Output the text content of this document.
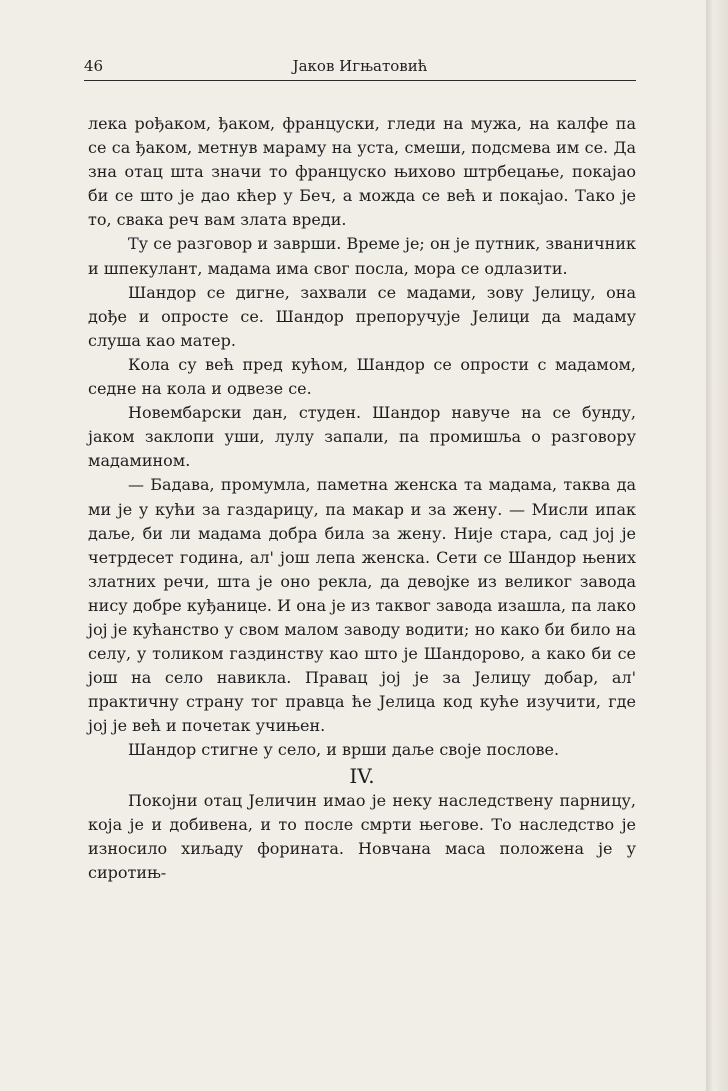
46	Јаков Игњатовић

лека рођаком, ђаком, француски, гледи на мужа, на калфе па се са ђаком, метнув мараму на уста, смеши, подсмева им се. Да зна отац шта значи то француско њихово штрбецање, покајао би се што је дао кћер у Беч, а можда се већ и покајао. Тако је то, свака реч вам злата вреди.

Ту се разговор и заврши. Време је; он је путник, званичник и шпекулант, мадама има свог посла, мора се одлазити.

Шандор се дигне, захвали се мадами, зову Јелицу, она дође и опросте се. Шандор препоручује Јелици да мадаму слуша као матер.

Кола су већ пред кућом, Шандор се опрости с мадамом, седне на кола и одвезе се.

Новембарски дан, студен. Шандор навуче на се бунду, јаком заклопи уши, лулу запали, па промишља о разговору мадамином.

— Бадава, промумла, паметна женска та мадама, таква да ми је у кући за газдарицу, па макар и за жену. — Мисли ипак даље, би ли мадама добра била за жену. Није стара, сад јој је четрдесет година, ал' још лепа женска. Сети се Шандор њених златних речи, шта је оно рекла, да девојке из великог завода нису добре куђанице. И она је из таквог завода изашла, па лако јој је кућанство у свом малом заводу водити; но како би било на селу, у толиком газдинству као што је Шандорово, а како би се још на село навикла. Правац јој је за Јелицу добар, ал' практичну страну тог правца ће Јелица код куће изучити, где јој је већ и почетак учињен.

Шандор стигне у село, и врши даље своје послове.

IV.

Покојни отац Јеличин имао је неку наследствену парницу, која је и добивена, и то после смрти његове. То наследство је износило хиљаду форината. Новчана маса положена је у сиротињ-
